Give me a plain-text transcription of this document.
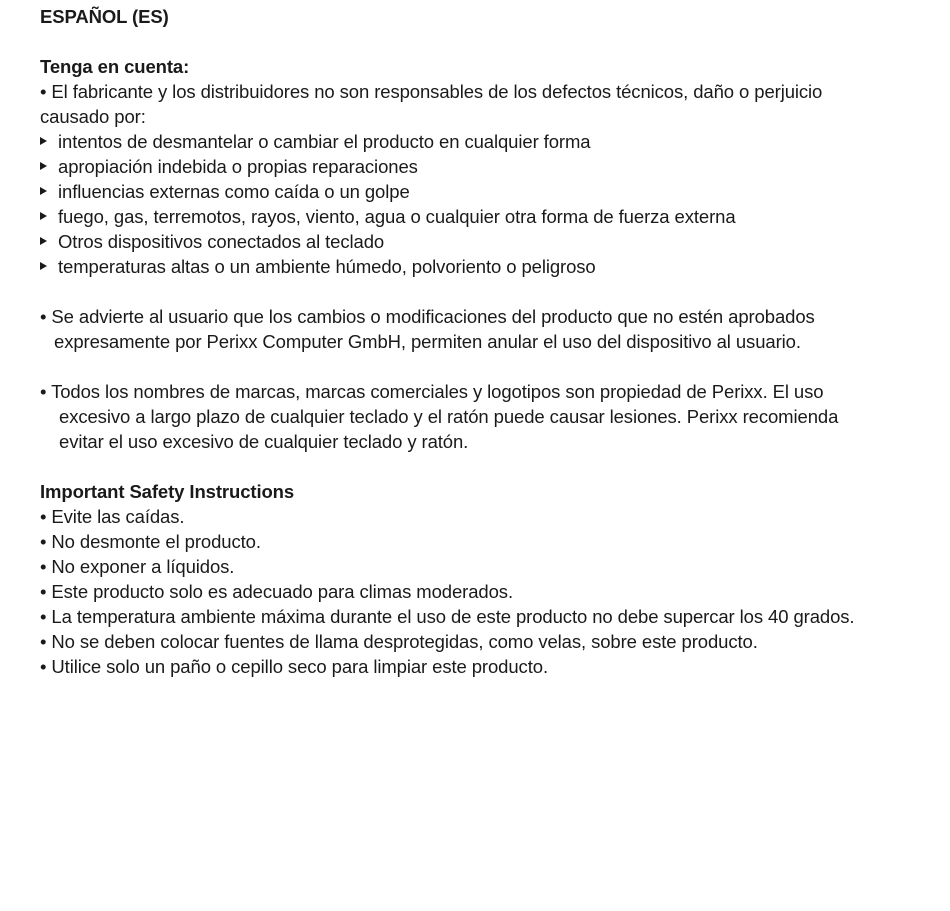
ESPAÑOL (ES)

Tenga en cuenta:

• El fabricante y los distribuidores no son responsables de los defectos técnicos, daño o perjuicio

causado por:

intentos de desmantelar o cambiar el producto en cualquier forma
apropiación indebida o propias reparaciones
influencias externas como caída o un golpe
fuego, gas, terremotos, rayos, viento, agua o cualquier otra forma de fuerza externa
Otros dispositivos conectados al teclado
temperaturas altas o un ambiente húmedo, polvoriento o peligroso

• Se advierte al usuario que los cambios o modificaciones del producto que no estén aprobados

expresamente por Perixx Computer GmbH, permiten anular el uso del dispositivo al usuario.

• Todos los nombres de marcas, marcas comerciales y logotipos son propiedad de Perixx. El uso

excesivo a largo plazo de cualquier teclado y el ratón puede causar lesiones. Perixx recomienda

evitar el uso excesivo de cualquier teclado y ratón.

Important Safety Instructions

• Evite las caídas.

• No desmonte el producto.

• No exponer a líquidos.

• Este producto solo es adecuado para climas moderados.

• La temperatura ambiente máxima durante el uso de este producto no debe supercar los 40 grados.

• No se deben colocar fuentes de llama desprotegidas, como velas, sobre este producto.

• Utilice solo un paño o cepillo seco para limpiar este producto.
